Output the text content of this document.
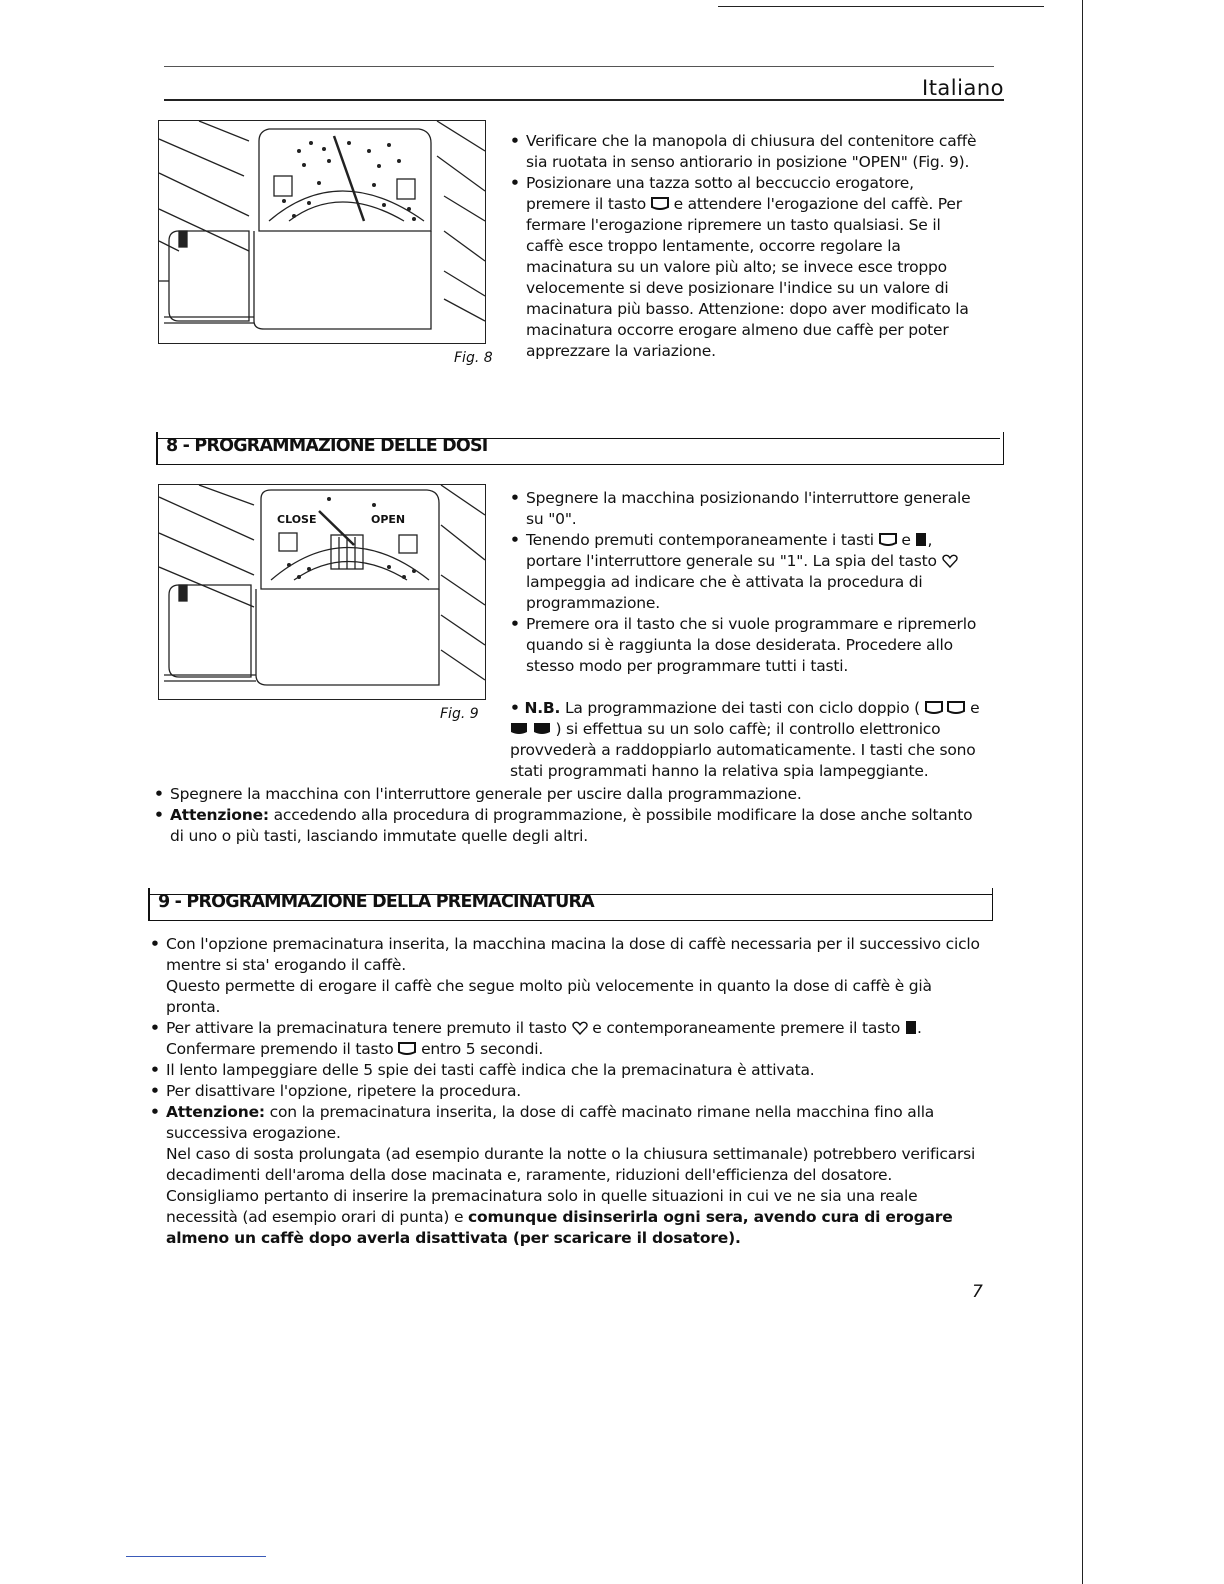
Italiano
Fig. 8

• Verificare che la manopola di chiusura del contenitore caffè sia ruotata in senso antiorario in posizione "OPEN" (Fig. 9).

• Posizionare una tazza sotto al beccuccio erogatore, premere il tasto e attendere l'erogazione del caffè. Per fermare l'erogazione ripremere un tasto qualsiasi. Se il caffè esce troppo lentamente, occorre regolare la macinatura su un valore più alto; se invece esce troppo velocemente si deve posizionare l'indice su un valore di macinatura più basso. Attenzione: dopo aver modificato la macinatura occorre erogare almeno due caffè per poter apprezzare la variazione.

8 - PROGRAMMAZIONE DELLE DOSI
CLOSE	OPEN
Fig. 9

• Spegnere la macchina posizionando l'interruttore generale su "0".

• Tenendo premuti contemporaneamente i tasti e , portare l'interruttore generale su "1". La spia del tasto
lampeggia ad indicare che è attivata la procedura di programmazione.

• Premere ora il tasto che si vuole programmare e ripremerlo quando si è raggiunta la dose desiderata. Procedere allo stesso modo per programmare tutti i tasti.

• N.B. La programmazione dei tasti con ciclo doppio (
	e

) si effettua su un solo caffè; il controllo elettronico provvederà a raddoppiarlo automaticamente. I tasti che sono stati programmati hanno la relativa spia lampeggiante.

• Spegnere la macchina con l'interruttore generale per uscire dalla programmazione.

• Attenzione: accedendo alla procedura di programmazione, è possibile modificare la dose anche soltanto di uno o più tasti, lasciando immutate quelle degli altri.

9 - PROGRAMMAZIONE DELLA PREMACINATURA

• Con l'opzione premacinatura inserita, la macchina macina la dose di caffè necessaria per il successivo ciclo mentre si sta' erogando il caffè.

Questo permette di erogare il caffè che segue molto più velocemente in quanto la dose di caffè è già pronta.

• Per attivare la premacinatura tenere premuto il tasto e contemporaneamente premere il tasto .
Confermare premendo il tasto entro 5 secondi.

• Il lento lampeggiare delle 5 spie dei tasti caffè indica che la premacinatura è attivata.

• Per disattivare l'opzione, ripetere la procedura.

• Attenzione: con la premacinatura inserita, la dose di caffè macinato rimane nella macchina fino alla successiva erogazione.

Nel caso di sosta prolungata (ad esempio durante la notte o la chiusura settimanale) potrebbero verificarsi decadimenti dell'aroma della dose macinata e, raramente, riduzioni dell'efficienza del dosatore.

Consigliamo pertanto di inserire la premacinatura solo in quelle situazioni in cui ve ne sia una reale necessità (ad esempio orari di punta) e comunque disinserirla ogni sera, avendo cura di erogare almeno un caffè dopo averla disattivata (per scaricare il dosatore).

7
